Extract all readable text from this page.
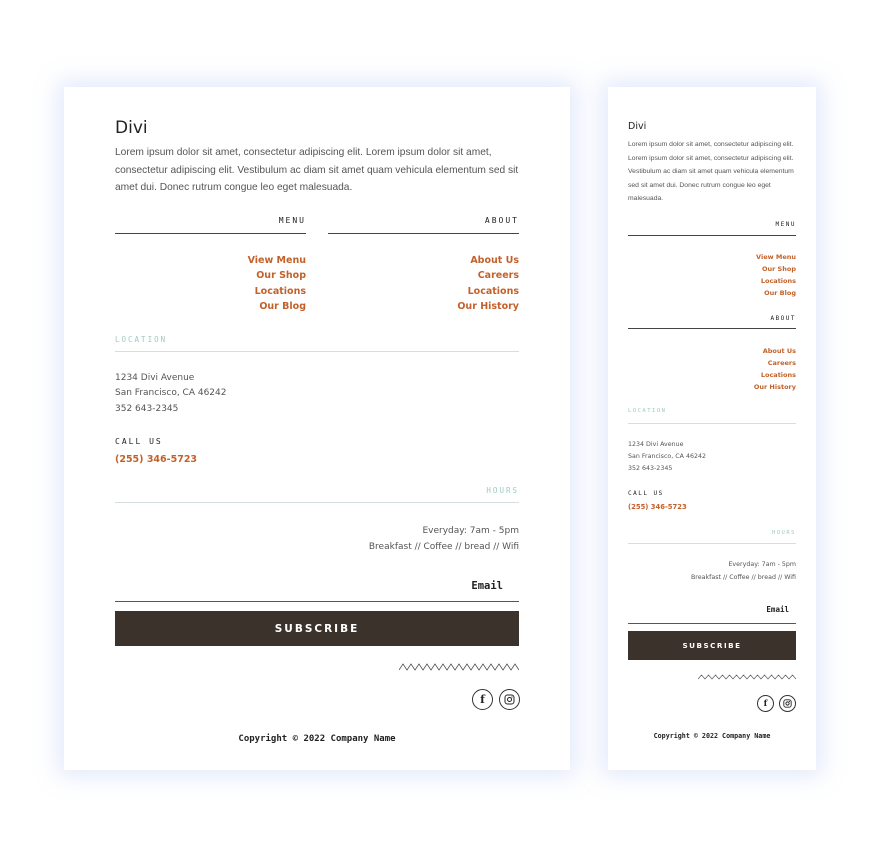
Divi
Lorem ipsum dolor sit amet, consectetur adipiscing elit. Lorem ipsum dolor sit amet, consectetur adipiscing elit. Vestibulum ac diam sit amet quam vehicula elementum sed sit amet dui. Donec rutrum congue leo eget malesuada.
MENU
View Menu
Our Shop
Locations
Our Blog
ABOUT
About Us
Careers
Locations
Our History
LOCATION
1234 Divi Avenue
San Francisco, CA 46242
352 643-2345
CALL US
(255) 346-5723
HOURS
Everyday: 7am - 5pm
Breakfast // Coffee // bread // Wifi
Email
SUBSCRIBE
f
Copyright © 2022 Company Name
Divi
Lorem ipsum dolor sit amet, consectetur adipiscing elit. Lorem ipsum dolor sit amet, consectetur adipiscing elit. Vestibulum ac diam sit amet quam vehicula elementum sed sit amet dui. Donec rutrum congue leo eget malesuada.
MENU
View Menu
Our Shop
Locations
Our Blog
ABOUT
About Us
Careers
Locations
Our History
LOCATION
1234 Divi Avenue
San Francisco, CA 46242
352 643-2345
CALL US
(255) 346-5723
HOURS
Everyday: 7am - 5pm
Breakfast // Coffee // bread // Wifi
Email
SUBSCRIBE
f
Copyright © 2022 Company Name
